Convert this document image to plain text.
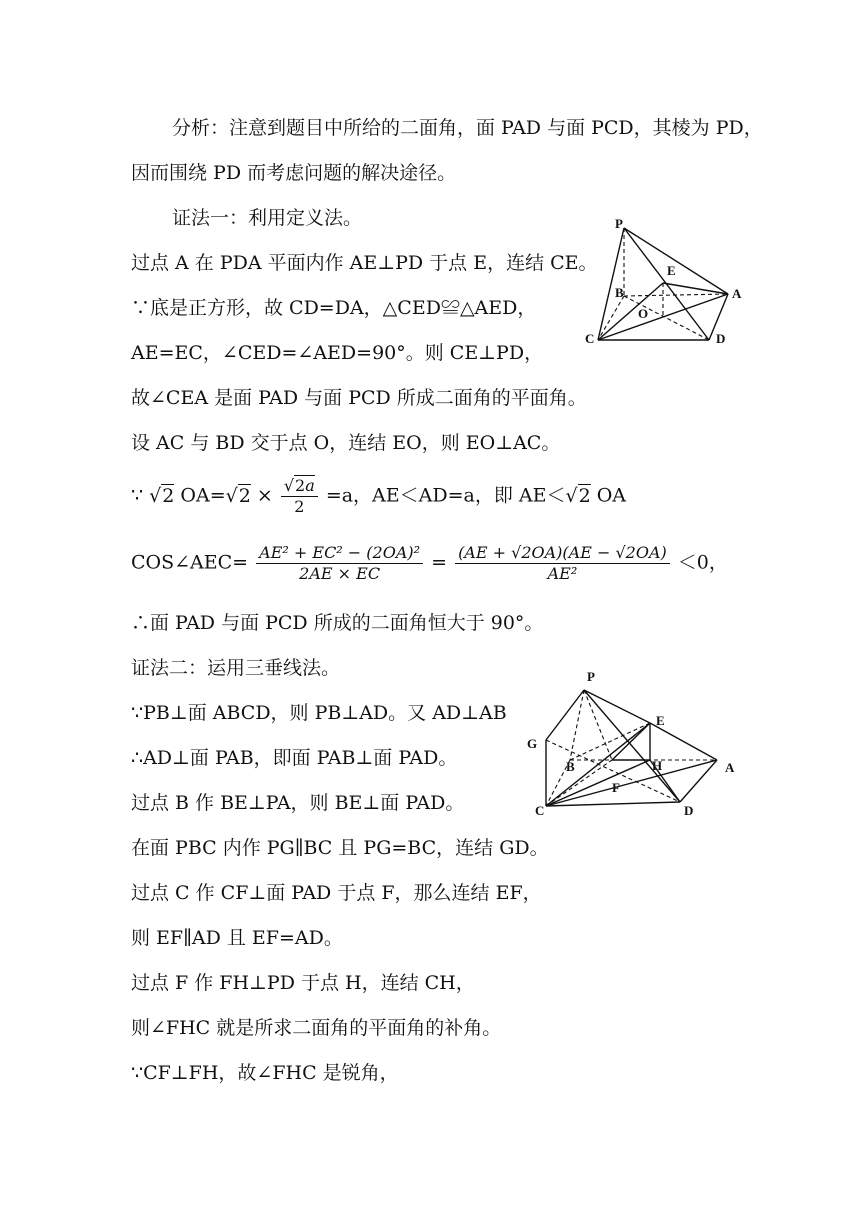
分析：注意到题目中所给的二面角，面 PAD 与面 PCD，其棱为 PD，
因而围绕 PD 而考虑问题的解决途径。
证法一：利用定义法。
过点 A 在 PDA 平面内作 AE⊥PD 于点 E，连结 CE。
∵底是正方形，故 CD=DA，△CED≌△AED，
AE=EC，∠CED=∠AED=90°。则 CE⊥PD，
故∠CEA 是面 PAD 与面 PCD 所成二面角的平面角。
设 AC 与 BD 交于点 O，连结 EO，则 EO⊥AC。
∵ √2 $OA=√2 \times \frac{√2a}{2} =a$，AE＜AD=a，即 AE＜√2 OA
COS∠AEC= $\frac{\text{AE² + EC² − (2OA)²}}{2AE \times EC} = \frac{(AE + √2OA)(AE - √2OA)}{\text{AE²}} <0$，
∴面 PAD 与面 PCD 所成的二面角恒大于 90°。
证法二：运用三垂线法。
∵PB⊥面 ABCD，则 PB⊥AD。又 AD⊥AB
∴AD⊥面 PAB，即面 PAB⊥面 PAD。
过点 B 作 BE⊥PA，则 BE⊥面 PAD。
在面 PBC 内作 PG∥BC 且 PG=BC，连结 GD。
过点 C 作 CF⊥面 PAD 于点 F，那么连结 EF，
则 EF∥AD 且 EF=AD。
过点 F 作 FH⊥PD 于点 H，连结 CH，
则∠FHC 就是所求二面角的平面角的补角。
∵CF⊥FH，故∠FHC 是锐角，
P
E
B	A
O
C	D
P
E
G
B	H	A
F
C	D
